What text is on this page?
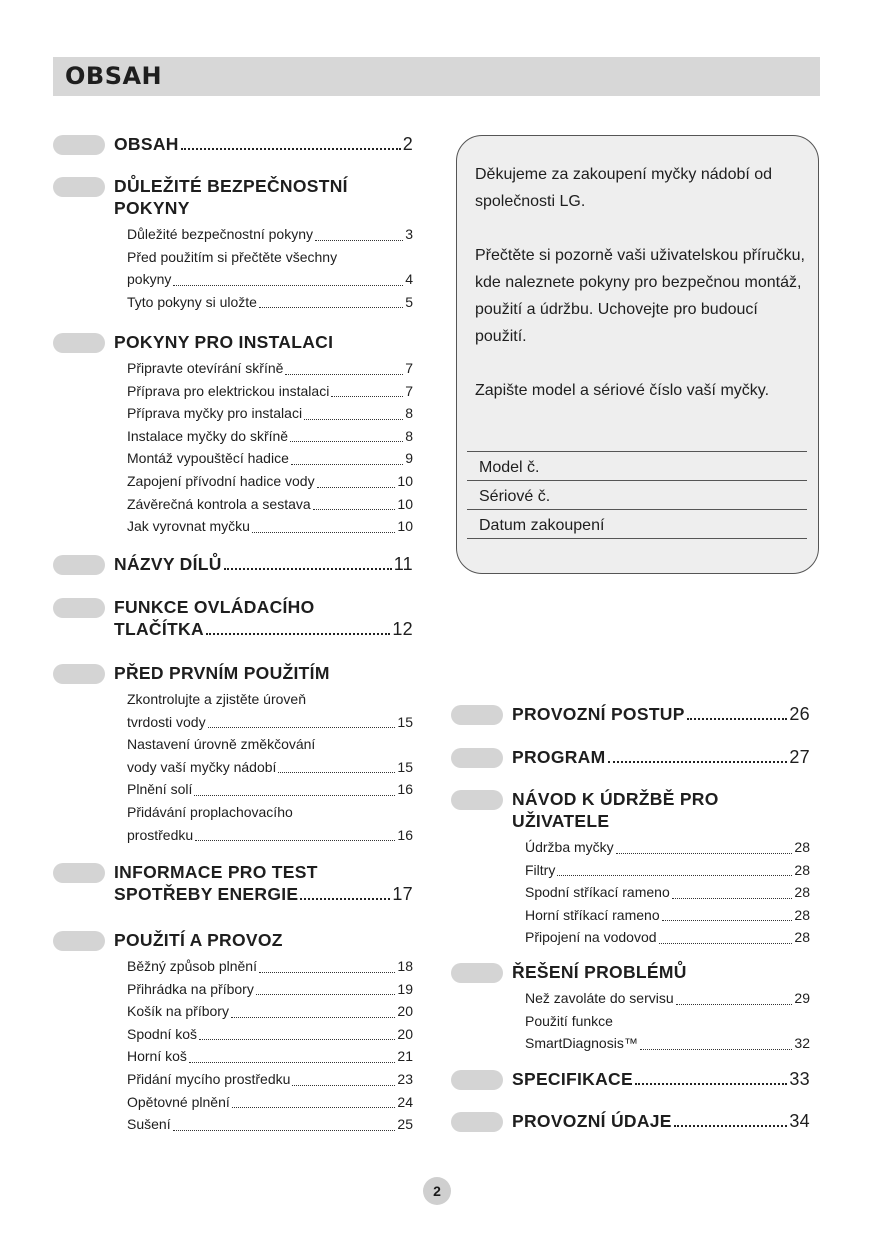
OBSAH
OBSAH	2
DŮLEŽITÉ BEZPEČNOSTNÍ
POKYNY
Důležité bezpečnostní pokyny	3
Před použitím si přečtěte všechny
pokyny	4
Tyto pokyny si uložte	5
POKYNY PRO INSTALACI
Připravte otevírání skříně	7
Příprava pro elektrickou instalaci	7
Příprava myčky pro instalaci	8
Instalace myčky do skříně	8
Montáž vypouštěcí hadice	9
Zapojení přívodní hadice vody	10
Závěrečná kontrola a sestava	10
Jak vyrovnat myčku	10
NÁZVY DÍLŮ	11
FUNKCE OVLÁDACÍHO
TLAČÍTKA	12
PŘED PRVNÍM POUŽITÍM
Zkontrolujte a zjistěte úroveň
tvrdosti vody	15
Nastavení úrovně změkčování
vody vaší myčky nádobí	15
Plnění solí	16
Přidávání proplachovacího
prostředku	16
INFORMACE PRO TEST
SPOTŘEBY ENERGIE	17
POUŽITÍ A PROVOZ
Běžný způsob plnění	18
Přihrádka na příbory	19
Košík na příbory	20
Spodní koš	20
Horní koš	21
Přidání mycího prostředku	23
Opětovné plnění	24
Sušení	25
PROVOZNÍ POSTUP	26
PROGRAM	27
NÁVOD K ÚDRŽBĚ PRO
UŽIVATELE
Údržba myčky	28
Filtry	28
Spodní stříkací rameno	28
Horní stříkací rameno	28
Připojení na vodovod	28
ŘEŠENÍ PROBLÉMŮ
Než zavoláte do servisu	29
Použití funkce
SmartDiagnosis™	32
SPECIFIKACE	33
PROVOZNÍ ÚDAJE	34

Děkujeme za zakoupení myčky nádobí od společnosti LG.

Přečtěte si pozorně vaši uživatelskou příručku, kde naleznete pokyny pro bezpečnou montáž, použití a údržbu. Uchovejte pro budoucí použití.

Zapište model a sériové číslo vaší myčky.

Model č.
Sériové č.
Datum zakoupení
2
